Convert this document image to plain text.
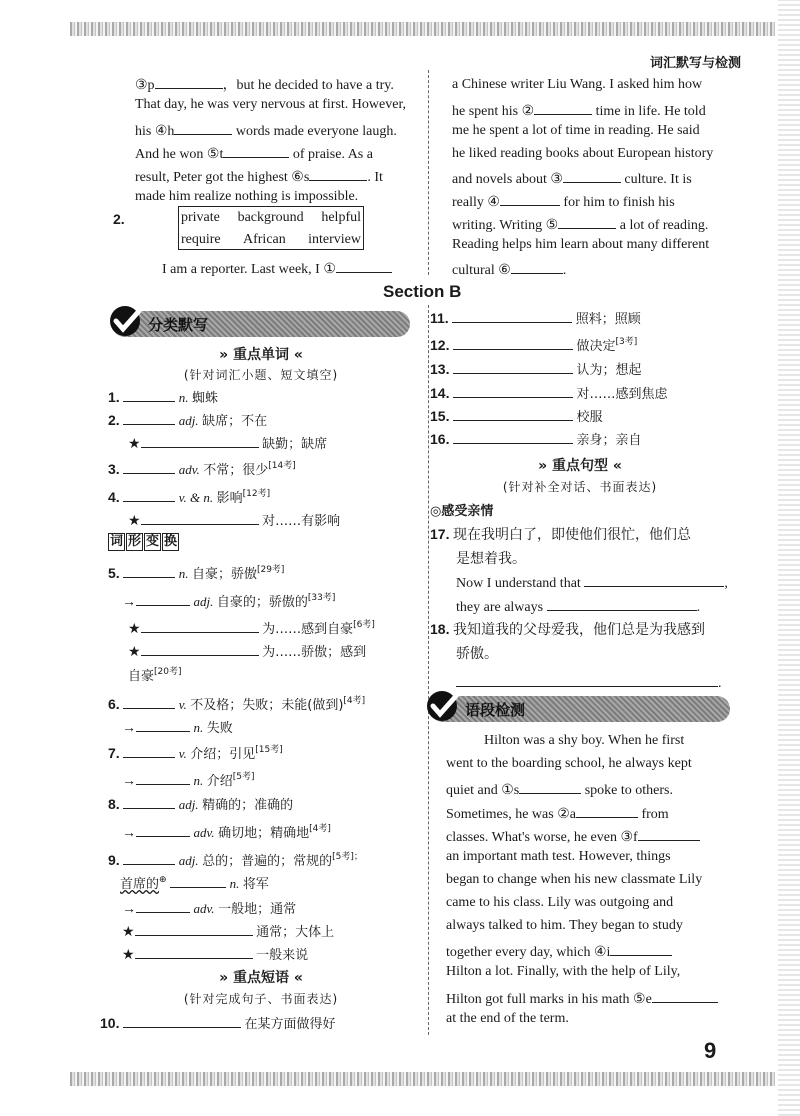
词汇默写与检测
③p	，but he decided to have a try.
That day, he was very nervous at first. However,
his ④h	words made everyone laugh.
And he won ⑤t	of praise. As a
result, Peter got the highest ⑥s	. It
made him realize nothing is impossible.
2.	private background helpful
require African interview
I am a reporter. Last week, I ①
a Chinese writer Liu Wang. I asked him how
he spent his ②	time in life. He told
me he spent a lot of time in reading. He said
he liked reading books about European history
and novels about ③	culture. It is
really ④	for him to finish his
writing. Writing ⑤	a lot of reading.
Reading helps him learn about many different
cultural ⑥	.
Section B
分类默写
» 重点单词 «
(针对词汇小题、短文填空)
1.	n. 蜘蛛
2.	adj. 缺席；不在
★	缺勤；缺席
3.	adv. 不常；很少[14考]
4.	v. & n. 影响[12考]
★	对……有影响
词 形 变 换
5.	n. 自豪；骄傲[29考]
→	adj. 自豪的；骄傲的[33考]
★	为……感到自豪[6考]
★	为……骄傲；感到
自豪[20考]
6.	v. 不及格；失败；未能(做到)[4考]
→	n. 失败
7.	v. 介绍；引见[15考]
→	n. 介绍[5考]
8.	adj. 精确的；准确的
→	adv. 确切地；精确地[4考]
9.	adj. 总的；普遍的；常规的$^{[5考];}$
首席的⊕	n. 将军
→	adv. 一般地；通常
★	通常；大体上
★	一般来说
» 重点短语 «
(针对完成句子、书面表达)
10.	在某方面做得好
11.	照料；照顾
12.	做决定[3考]
13.	认为；想起
14.	对……感到焦虑
15.	校服
16.	亲身；亲自
» 重点句型 «
(针对补全对话、书面表达)
◎感受亲情
17. 现在我明白了，即使他们很忙，他们总
是想着我。
Now I understand that	,
they are always	.
18. 我知道我的父母爱我，他们总是为我感到
骄傲。
.
语段检测
Hilton was a shy boy. When he first
went to the boarding school, he always kept
quiet and ①s	spoke to others.
Sometimes, he was ②a	from
classes. What's worse, he even ③f
an important math test. However, things
began to change when his new classmate Lily
came to his class. Lily was outgoing and
always talked to him. They began to study
together every day, which ④i
Hilton a lot. Finally, with the help of Lily,
Hilton got full marks in his math ⑤e
at the end of the term.
9
